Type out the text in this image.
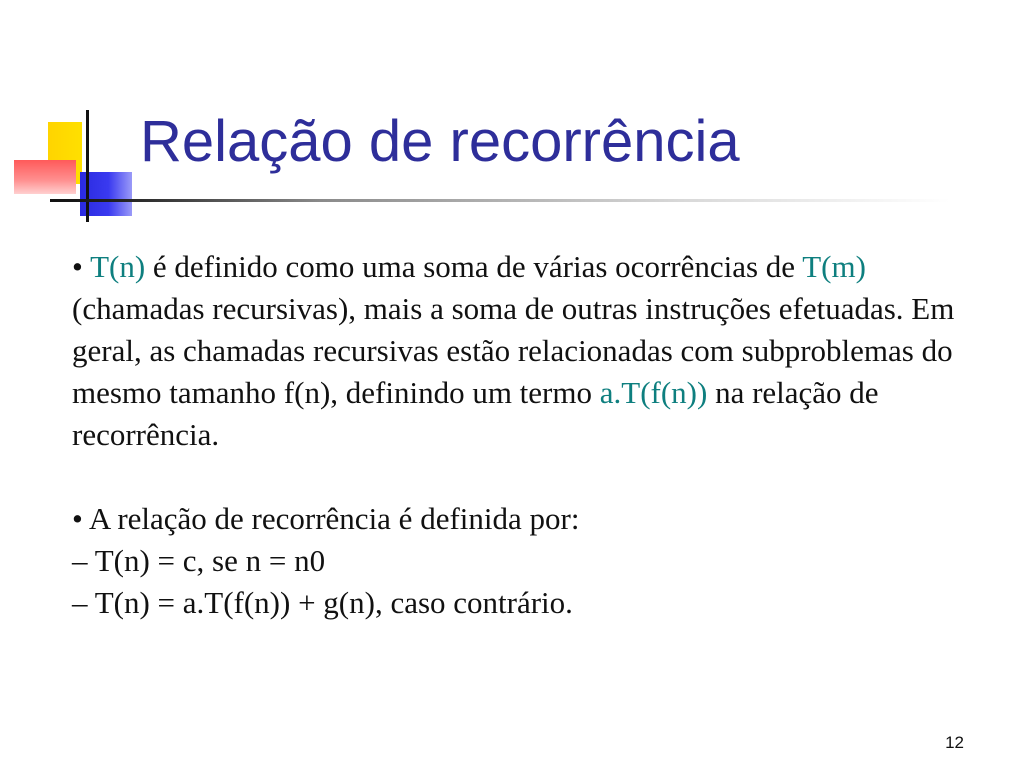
Relação de recorrência

• T(n) é definido como uma soma de várias ocorrências de T(m) (chamadas recursivas), mais a soma de outras instruções efetuadas. Em geral, as chamadas recursivas estão relacionadas com subproblemas do mesmo tamanho f(n), definindo um termo a.T(f(n)) na relação de recorrência.

• A relação de recorrência é definida por:

– T(n) = c, se n = n0

– T(n) = a.T(f(n)) + g(n), caso contrário.

12
